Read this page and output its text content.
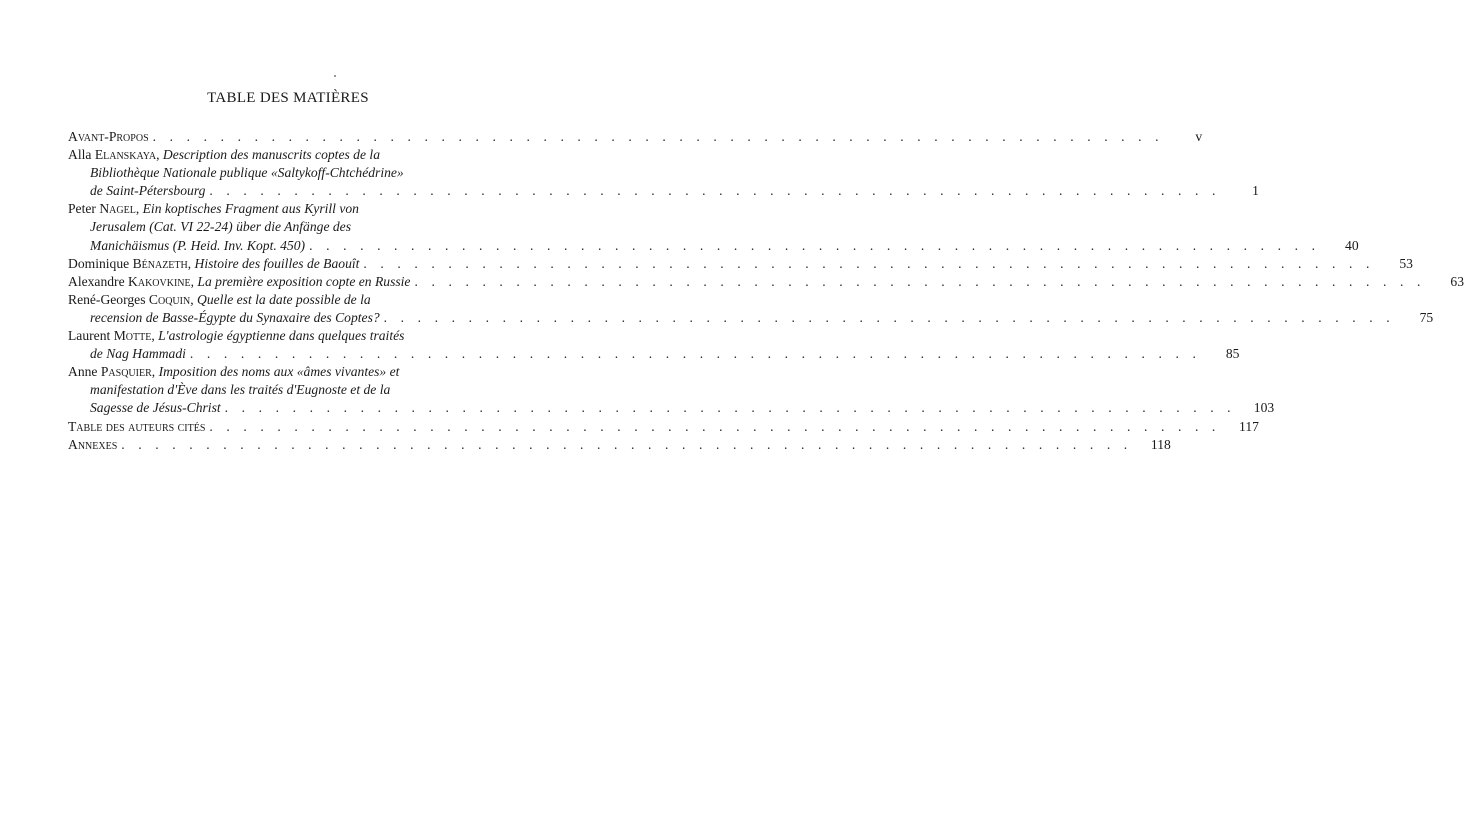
TABLE DES MATIÈRES
Avant-Propos . . . . . . . . . . . . . . . . . . . . . . . . . . . . . . . . . . . . . . . . . . . . . . . . . . . . . . . . . . . . 	v
Alla Elanskaya, Description des manuscrits coptes de la
Bibliothèque Nationale publique «Saltykoff-Chtchédrine»
de Saint-Pétersbourg . . . . . . . . . . . . . . . . . . . . . . . . . . . . . . . . . . . . . . . . . . . . . . . . . . . . . . . . . . . . 	1
Peter Nagel, Ein koptisches Fragment aus Kyrill von
Jerusalem (Cat. VI 22-24) über die Anfänge des
Manichäismus (P. Heid. Inv. Kopt. 450) . . . . . . . . . . . . . . . . . . . . . . . . . . . . . . . . . . . . . . . . . . . . . . . . . . . . . . . . . . . . 	40
Dominique Bénazeth, Histoire des fouilles de Baouît . . . . . . . . . . . . . . . . . . . . . . . . . . . . . . . . . . . . . . . . . . . . . . . . . . . . . . . . . . . . 	53
Alexandre Kakovkine, La première exposition copte en Russie . . . . . . . . . . . . . . . . . . . . . . . . . . . . . . . . . . . . . . . . . . . . . . . . . . . . . . . . . . . . 	63
René-Georges Coquin, Quelle est la date possible de la
recension de Basse-Égypte du Synaxaire des Coptes? . . . . . . . . . . . . . . . . . . . . . . . . . . . . . . . . . . . . . . . . . . . . . . . . . . . . . . . . . . . . 	75
Laurent Motte, L'astrologie égyptienne dans quelques traités
de Nag Hammadi . . . . . . . . . . . . . . . . . . . . . . . . . . . . . . . . . . . . . . . . . . . . . . . . . . . . . . . . . . . . 	85
Anne Pasquier, Imposition des noms aux «âmes vivantes» et
manifestation d'Ève dans les traités d'Eugnoste et de la
Sagesse de Jésus-Christ . . . . . . . . . . . . . . . . . . . . . . . . . . . . . . . . . . . . . . . . . . . . . . . . . . . . . . . . . . . .  103
Table des auteurs cités . . . . . . . . . . . . . . . . . . . . . . . . . . . . . . . . . . . . . . . . . . . . . . . . . . . . . . . . . . . .  117
Annexes . . . . . . . . . . . . . . . . . . . . . . . . . . . . . . . . . . . . . . . . . . . . . . . . . . . . . . . . . . . .  118
